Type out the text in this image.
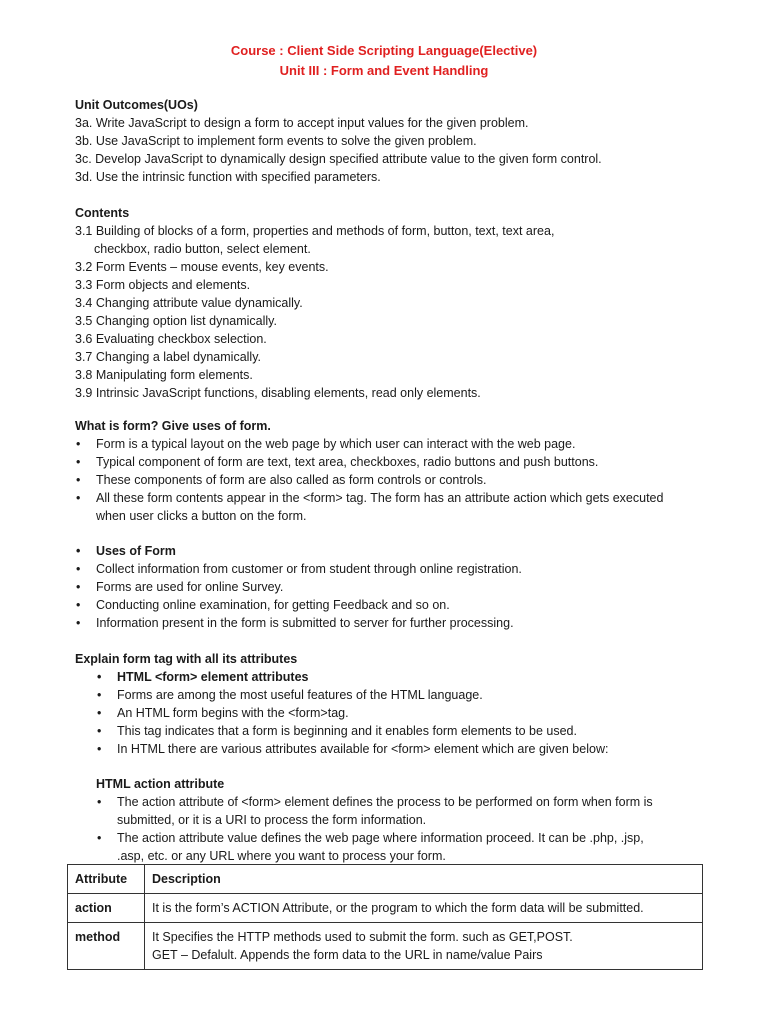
Course : Client Side Scripting Language(Elective)
Unit III : Form and Event Handling

Unit Outcomes(UOs)

3a. Write JavaScript to design a form to accept input values for the given problem.

3b. Use JavaScript to implement form events to solve the given problem.

3c. Develop JavaScript to dynamically design specified attribute value to the given form control.

3d. Use the intrinsic function with specified parameters.

Contents

3.1 Building of blocks of a form, properties and methods of form, button, text, text area,

checkbox, radio button, select element.

3.2 Form Events – mouse events, key events.

3.3 Form objects and elements.

3.4 Changing attribute value dynamically.

3.5 Changing option list dynamically.

3.6 Evaluating checkbox selection.

3.7 Changing a label dynamically.

3.8 Manipulating form elements.

3.9 Intrinsic JavaScript functions, disabling elements, read only elements.

What is form? Give uses of form.

• Form is a typical layout on the web page by which user can interact with the web page.
• Typical component of form are text, text area, checkboxes, radio buttons and push buttons.
• These components of form are also called as form controls or controls.
• All these form contents appear in the <form> tag. The form has an attribute action which gets executed

when user clicks a button on the form.

• Uses of Form
• Collect information from customer or from student through online registration.
• Forms are used for online Survey.
• Conducting online examination, for getting Feedback and so on.
• Information present in the form is submitted to server for further processing.

Explain form tag with all its attributes

• HTML <form> element attributes
• Forms are among the most useful features of the HTML language.
• An HTML form begins with the <form>tag.
• This tag indicates that a form is beginning and it enables form elements to be used.
• In HTML there are various attributes available for <form> element which are given below:

HTML action attribute

• The action attribute of <form> element defines the process to be performed on form when form is
submitted, or it is a URI to process the form information.
• The action attribute value defines the web page where information proceed. It can be .php, .jsp,
.asp, etc. or any URL where you want to process your form.
Attribute	Description
action	It is the form’s ACTION Attribute, or the program to which the form data will be submitted.
method	It Specifies the HTTP methods used to submit the form. such as GET,POST.
GET – Defalult. Appends the form data to the URL in name/value Pairs
